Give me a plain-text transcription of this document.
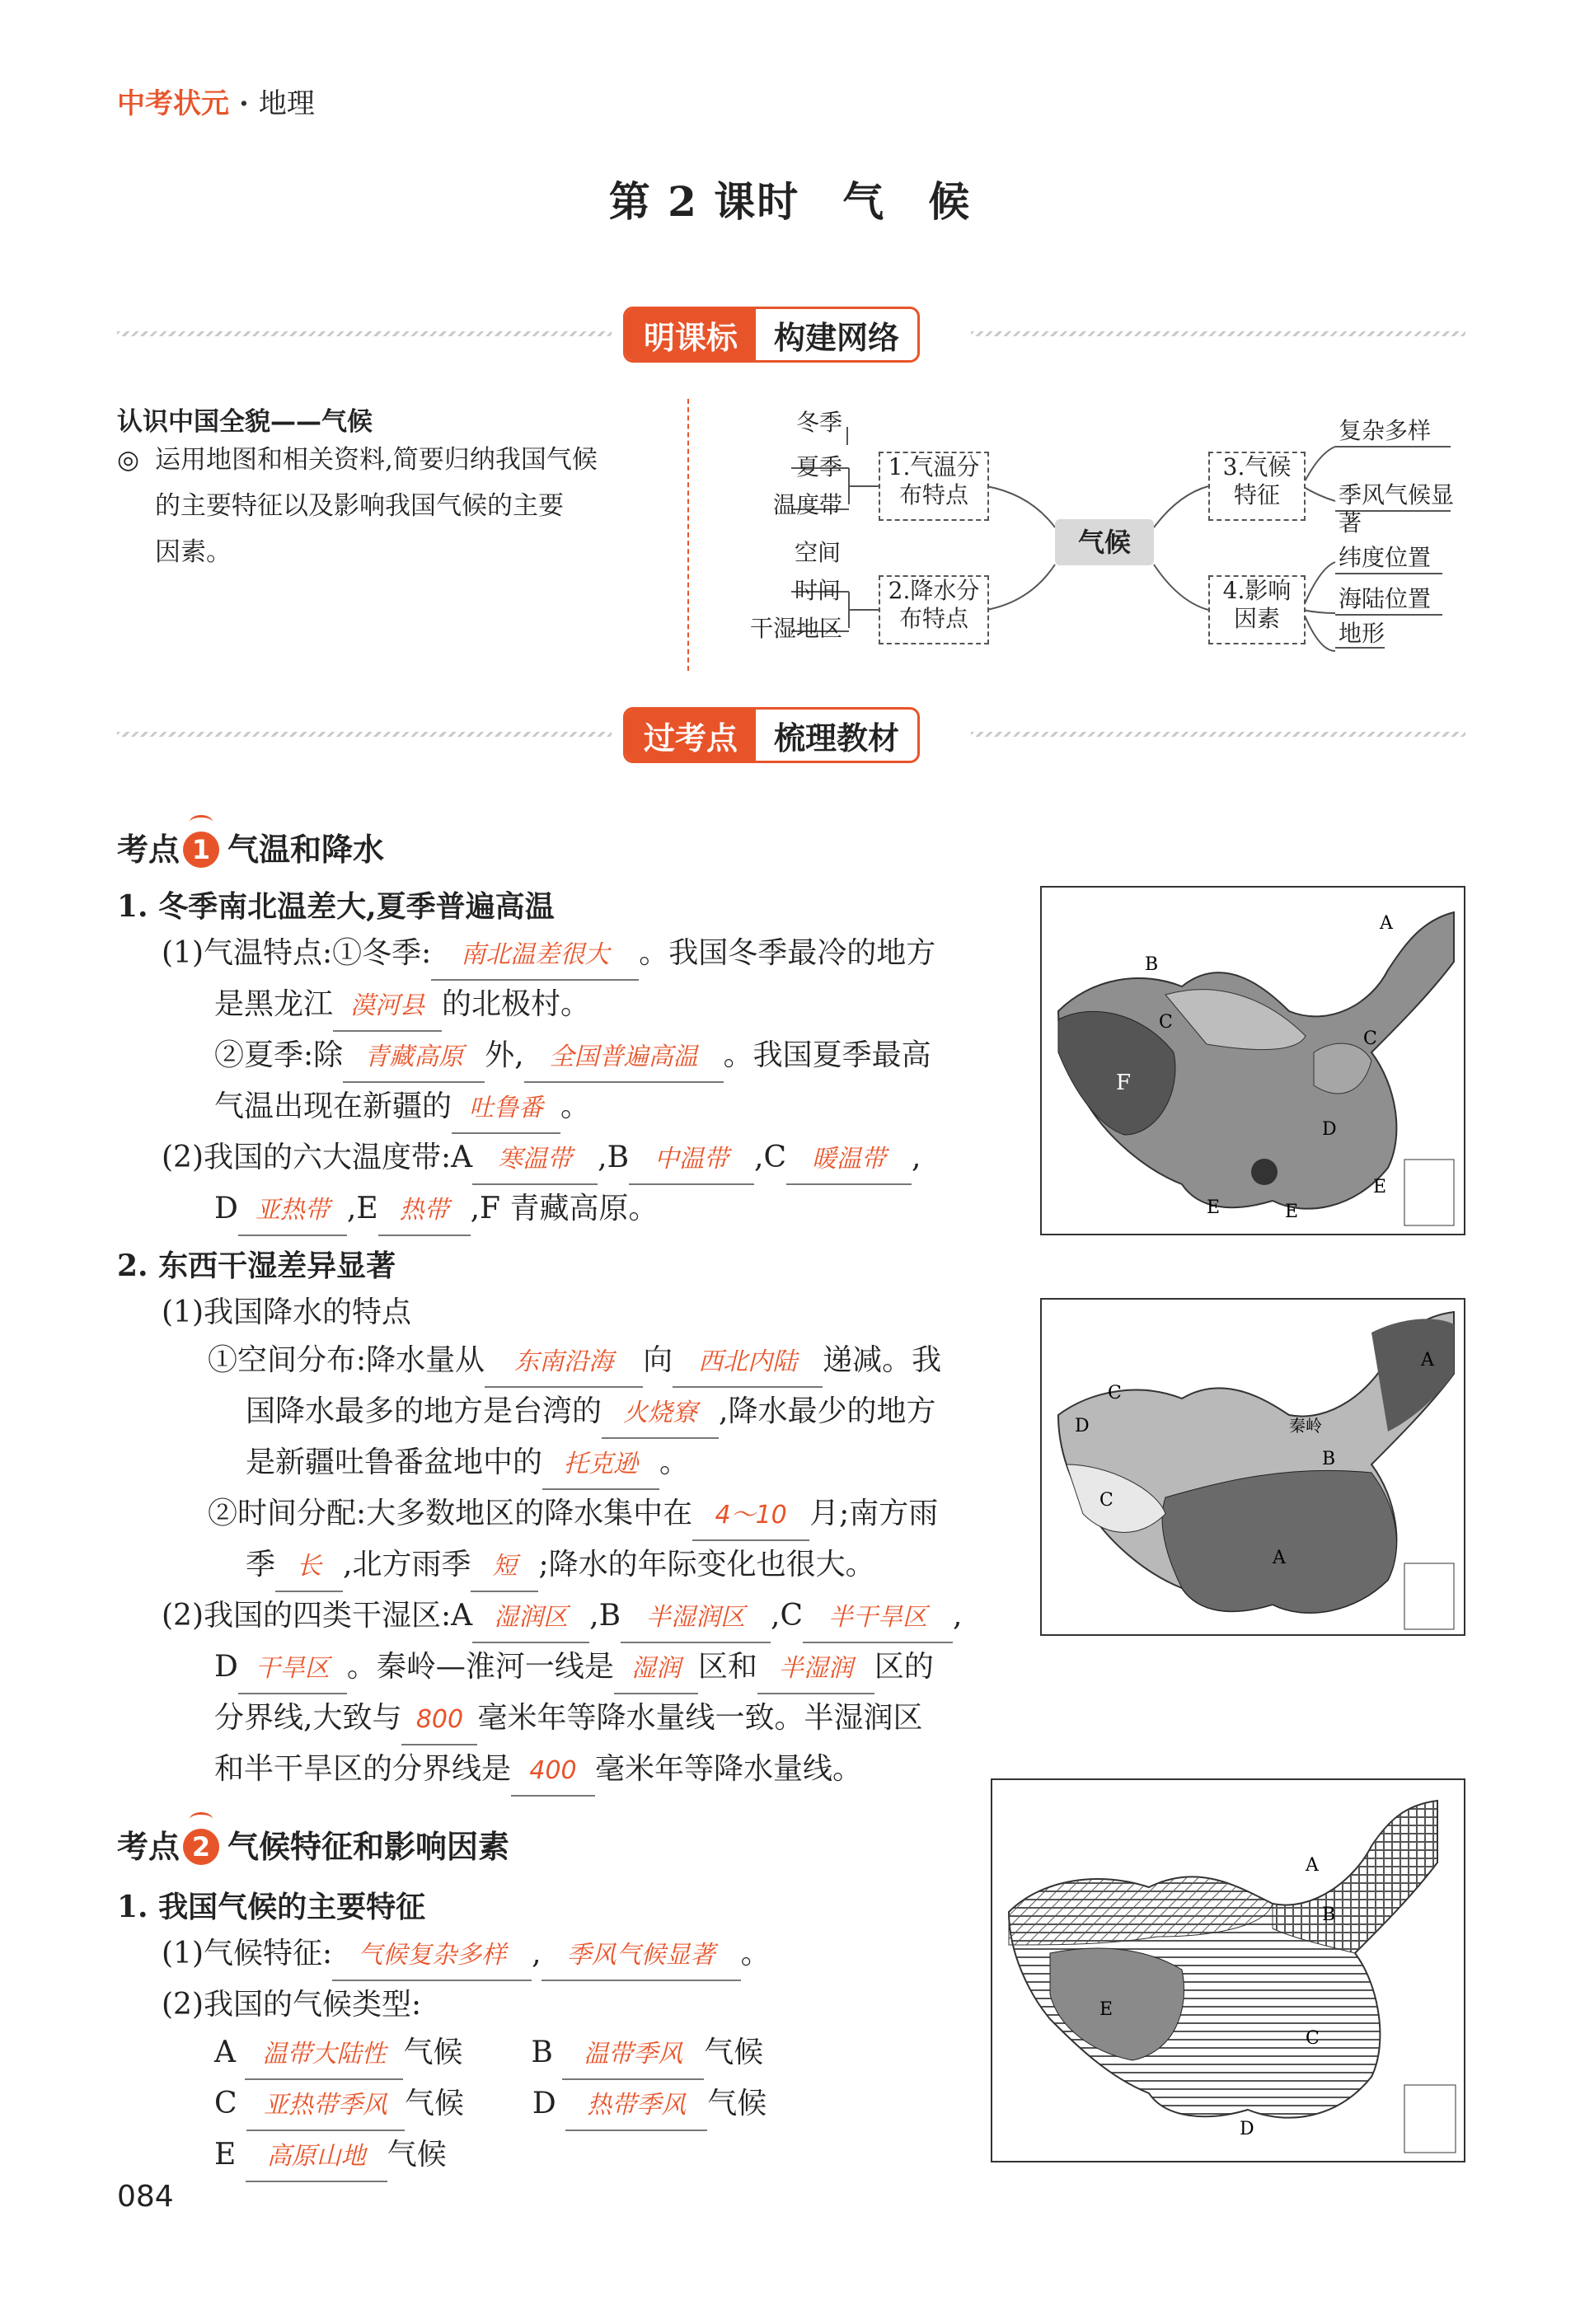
中考状元 · 地理
第 2 课时　气　候
明课标	构建网络
认识中国全貌——气候
◎ 运用地图和相关资料,简要归纳我国气候
的主要特征以及影响我国气候的主要
因素。
冬季
夏季
温度带
空间
时间
干湿地区
1.气温分
布特点
2.降水分
布特点
气候
3.气候
特征
4.影响
因素
复杂多样
季风气候显著
纬度位置
海陆位置
地形
过考点	梳理教材
考点 1 气温和降水
1. 冬季南北温差大,夏季普遍高温
(1)气温特点:①冬季: 南北温差很大 。我国冬季最冷的地方
是黑龙江 漠河县 的北极村。
②夏季:除 青藏高原 外, 全国普遍高温 。我国夏季最高
气温出现在新疆的 吐鲁番 。
(2)我国的六大温度带:A 寒温带 ,B 中温带 ,C 暖温带 ,
D 亚热带 ,E 热带 ,F 青藏高原。
2. 东西干湿差异显著
(1)我国降水的特点
①空间分布:降水量从 东南沿海 向 西北内陆 递减。我
国降水最多的地方是台湾的 火烧寮 ,降水最少的地方
是新疆吐鲁番盆地中的 托克逊 。
②时间分配:大多数地区的降水集中在 4～10 月;南方雨
季 长 ,北方雨季 短 ;降水的年际变化也很大。
(2)我国的四类干湿区:A 湿润区 ,B 半湿润区 ,C 半干旱区 ,
D 干旱区 。秦岭—淮河一线是 湿润 区和 半湿润 区的
分界线,大致与 800 毫米年等降水量线一致。半湿润区
和半干旱区的分界线是 400 毫米年等降水量线。
考点 2 气候特征和影响因素
1. 我国气候的主要特征
(1)气候特征: 气候复杂多样 , 季风气候显著 。
(2)我国的气候类型:
A 温带大陆性 气候 B 温带季风 气候
C 亚热带季风 气候 D 热带季风 气候
E 高原山地 气候
C
B
C
A
D
E	E
E
F
A
B
C
C
D
A
秦岭
A
B
C
D
E
084
